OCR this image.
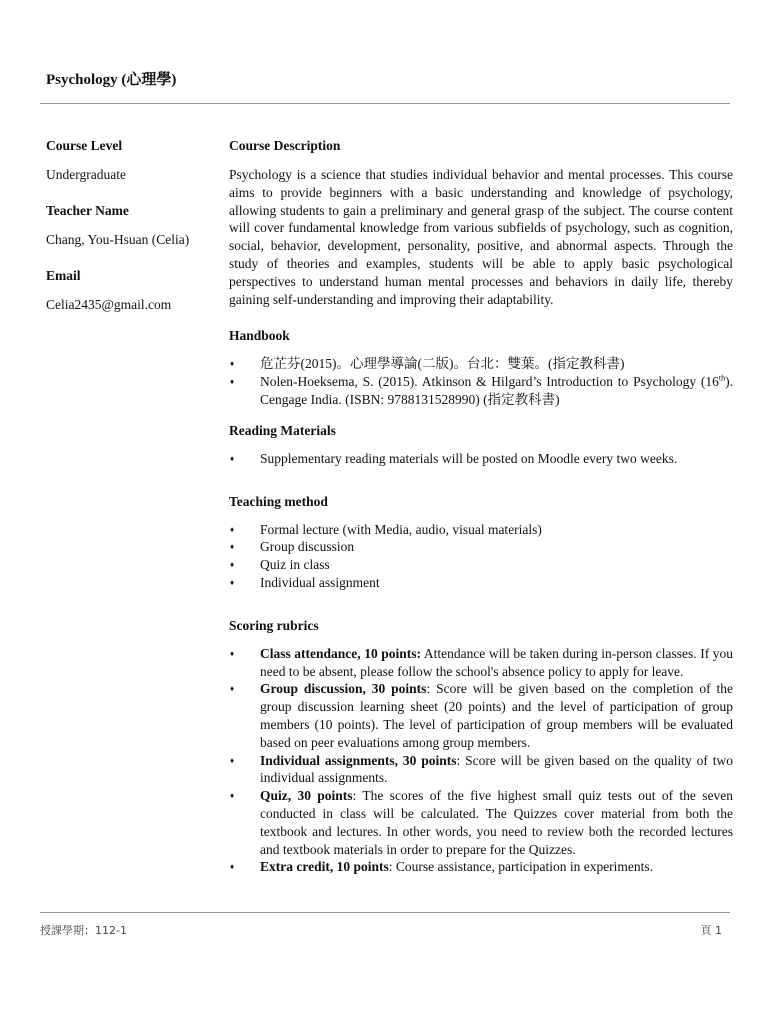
Psychology (心理學)
Course Level

Undergraduate

Teacher Name

Chang, You-Hsuan (Celia)

Email

Celia2435@gmail.com

Course Description

Psychology is a science that studies individual behavior and mental processes. This course aims to provide beginners with a basic understanding and knowledge of psychology, allowing students to gain a preliminary and general grasp of the subject. The course content will cover fundamental knowledge from various subfields of psychology, such as cognition, social, behavior, development, personality, positive, and abnormal aspects. Through the study of theories and examples, students will be able to apply basic psychological perspectives to understand human mental processes and behaviors in daily life, thereby gaining self-understanding and improving their adaptability.

Handbook
♦ 危芷芬(2015)。心理學導論(二版)。台北：雙葉。(指定教科書)
♦ Nolen-Hoeksema, S. (2015). Atkinson & Hilgard’s Introduction to Psychology (16th). Cengage India. (ISBN: 9788131528990) (指定教科書)
Reading Materials
♦ Supplementary reading materials will be posted on Moodle every two weeks.
Teaching method
♦ Formal lecture (with Media, audio, visual materials)
♦ Group discussion
♦ Quiz in class
♦ Individual assignment
Scoring rubrics
♦ Class attendance, 10 points: Attendance will be taken during in-person classes. If you need to be absent, please follow the school's absence policy to apply for leave.
♦ Group discussion, 30 points: Score will be given based on the completion of the group discussion learning sheet (20 points) and the level of participation of group members (10 points). The level of participation of group members will be evaluated based on peer evaluations among group members.
♦ Individual assignments, 30 points: Score will be given based on the quality of two individual assignments.
♦ Quiz, 30 points: The scores of the five highest small quiz tests out of the seven conducted in class will be calculated. The Quizzes cover material from both the textbook and lectures. In other words, you need to review both the recorded lectures and textbook materials in order to prepare for the Quizzes.
♦ Extra credit, 10 points: Course assistance, participation in experiments.
授課學期：112-1	頁 1
